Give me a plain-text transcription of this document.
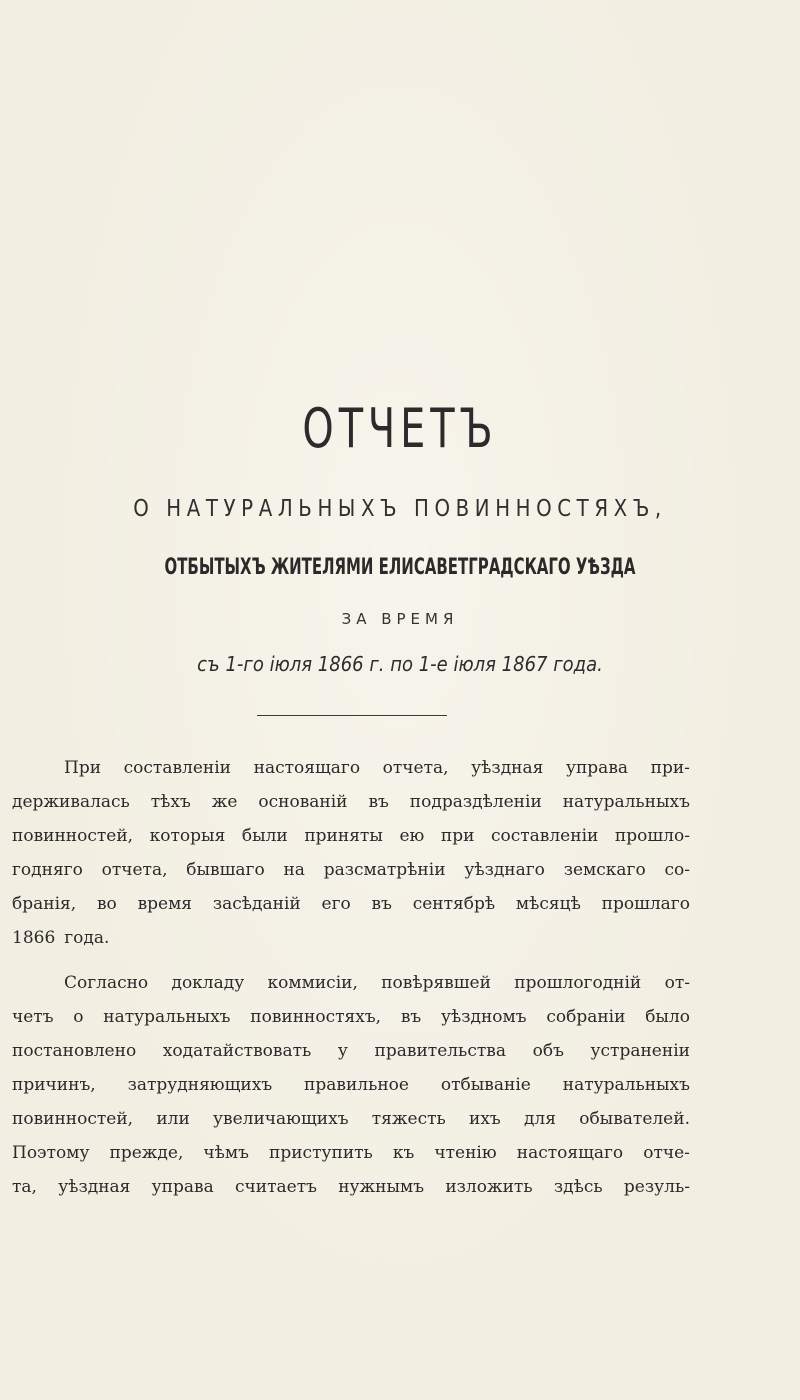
ОТЧЕТЪ
О НАТУРАЛЬНЫХЪ ПОВИННОСТЯХЪ,
ОТБЫТЫХЪ ЖИТЕЛЯМИ ЕЛИСАВЕТГРАДСКАГО УѢЗДА
ЗА ВРЕМЯ
съ 1-го іюля 1866 г. по 1-е іюля 1867 года.
При составленіи настоящаго отчета, уѣздная управа при-
держивалась тѣхъ же основаній въ подраздѣленіи натуральныхъ
повинностей, которыя были приняты ею при составленіи прошло-
годняго отчета, бывшаго на разсматрѣніи уѣзднаго земскаго со-
бранія, во время засѣданій его въ сентябрѣ мѣсяцѣ прошлаго
1866 года.
Согласно докладу коммисіи, повѣрявшей прошлогодній от-
четъ о натуральныхъ повинностяхъ, въ уѣздномъ собраніи было
постановлено ходатайствовать у правительства объ устраненіи
причинъ, затрудняющихъ правильное отбываніе натуральныхъ
повинностей, или увеличающихъ тяжесть ихъ для обывателей.
Поэтому прежде, чѣмъ приступить къ чтенію настоящаго отче-
та, уѣздная управа считаетъ нужнымъ изложить здѣсь резуль-
